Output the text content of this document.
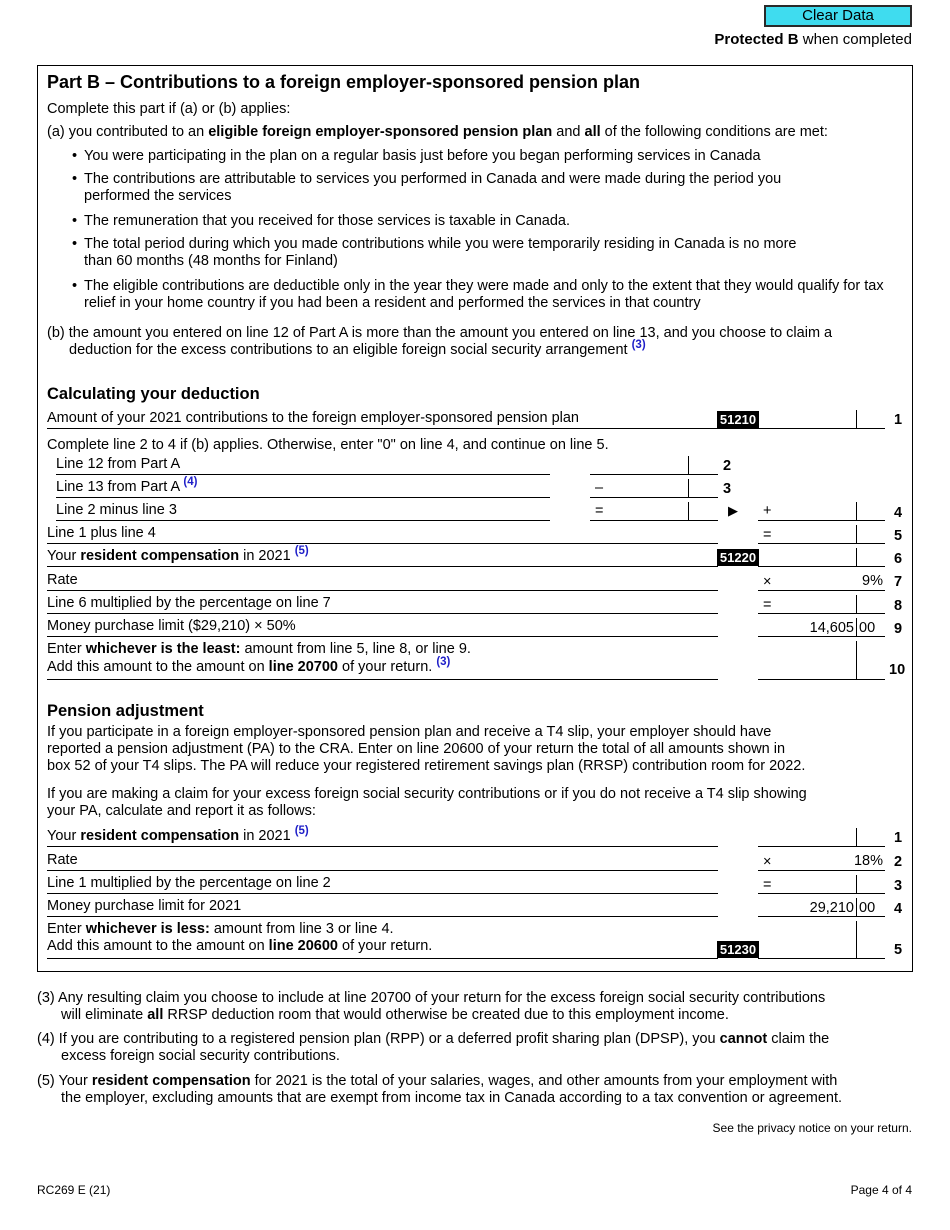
Clear Data
Protected B when completed
Part B – Contributions to a foreign employer-sponsored pension plan
Complete this part if (a) or (b) applies:
(a) you contributed to an eligible foreign employer-sponsored pension plan and all of the following conditions are met:
• You were participating in the plan on a regular basis just before you began performing services in Canada
• The contributions are attributable to services you performed in Canada and were made during the period you performed the services
• The remuneration that you received for those services is taxable in Canada.
• The total period during which you made contributions while you were temporarily residing in Canada is no more than 60 months (48 months for Finland)
• The eligible contributions are deductible only in the year they were made and only to the extent that they would qualify for tax relief in your home country if you had been a resident and performed the services in that country
(b) the amount you entered on line 12 of Part A is more than the amount you entered on line 13, and you choose to claim a
deduction for the excess contributions to an eligible foreign social security arrangement $^{(3)}$
Calculating your deduction
Amount of your 2021 contributions to the foreign employer-sponsored pension plan	51210	1
Complete line 2 to 4 if (b) applies. Otherwise, enter "0" on line 4, and continue on line 5.
Line 12 from Part A	2
Line 13 from Part A $^{(4)}$	–	3
Line 2 minus line 3	=	▶ +	4
Line 1 plus line 4	=	5
Your resident compensation in 2021 $^{(5)}$	51220	6
Rate	×	9% 7
Line 6 multiplied by the percentage on line 7	=	8
Money purchase limit ($29,210) × 50%	14,605 00 9
Enter whichever is the least: amount from line 5, line 8, or line 9.
Add this amount to the amount on line 20700 of your return. $^{(3)}$	10
Pension adjustment
If you participate in a foreign employer-sponsored pension plan and receive a T4 slip, your employer should have
reported a pension adjustment (PA) to the CRA. Enter on line 20600 of your return the total of all amounts shown in
box 52 of your T4 slips. The PA will reduce your registered retirement savings plan (RRSP) contribution room for 2022.
If you are making a claim for your excess foreign social security contributions or if you do not receive a T4 slip showing
your PA, calculate and report it as follows:
Your resident compensation in 2021 $^{(5)}$	1
Rate	×	18% 2
Line 1 multiplied by the percentage on line 2	=	3
Money purchase limit for 2021	29,210 00 4
Enter whichever is less: amount from line 3 or line 4.
Add this amount to the amount on line 20600 of your return.	51230	5
(3) Any resulting claim you choose to include at line 20700 of your return for the excess foreign social security contributions
will eliminate all RRSP deduction room that would otherwise be created due to this employment income.
(4) If you are contributing to a registered pension plan (RPP) or a deferred profit sharing plan (DPSP), you cannot claim the
excess foreign social security contributions.
(5) Your resident compensation for 2021 is the total of your salaries, wages, and other amounts from your employment with
the employer, excluding amounts that are exempt from income tax in Canada according to a tax convention or agreement.
See the privacy notice on your return.
RC269 E (21)	Page 4 of 4
